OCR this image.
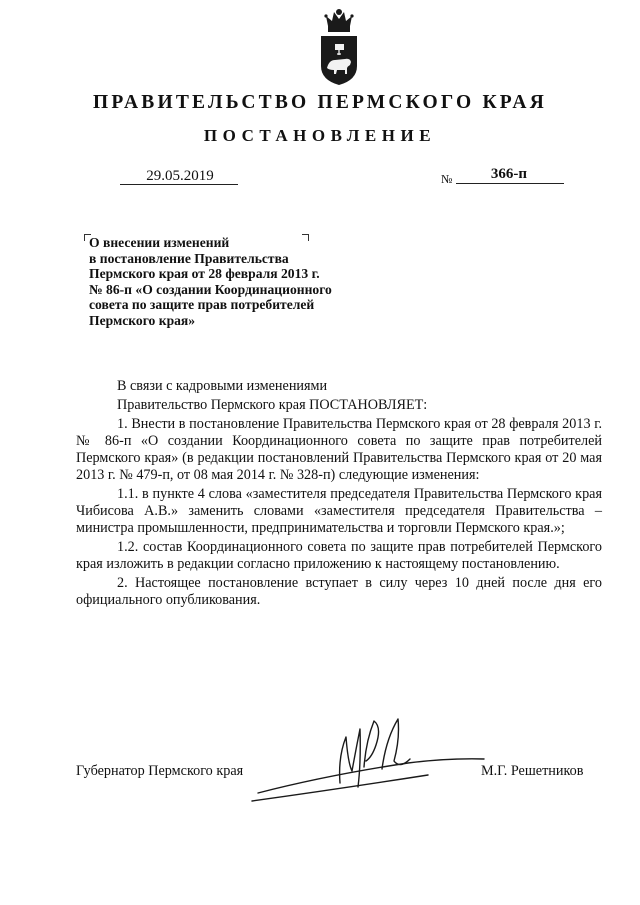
ПРАВИТЕЛЬСТВО ПЕРМСКОГО КРАЯ
ПОСТАНОВЛЕНИЕ
29.05.2019	№	366-п
О внесении изменений
в постановление Правительства
Пермского края от 28 февраля 2013 г.
№ 86-п «О создании Координационного
совета по защите прав потребителей
Пермского края»

В связи с кадровыми изменениями

Правительство Пермского края ПОСТАНОВЛЯЕТ:

1. Внести в постановление Правительства Пермского края от 28 февраля 2013 г. № 86-п «О создании Координационного совета по защите прав потребителей Пермского края» (в редакции постановлений Правительства Пермского края от 20 мая 2013 г. № 479-п, от 08 мая 2014 г. № 328-п) следующие изменения:

1.1. в пункте 4 слова «заместителя председателя Правительства Пермского края Чибисова А.В.» заменить словами «заместителя председателя Правительства – министра промышленности, предпринимательства и торговли Пермского края.»;

1.2. состав Координационного совета по защите прав потребителей Пермского края изложить в редакции согласно приложению к настоящему постановлению.

2. Настоящее постановление вступает в силу через 10 дней после дня его официального опубликования.

Губернатор Пермского края	М.Г. Решетников
